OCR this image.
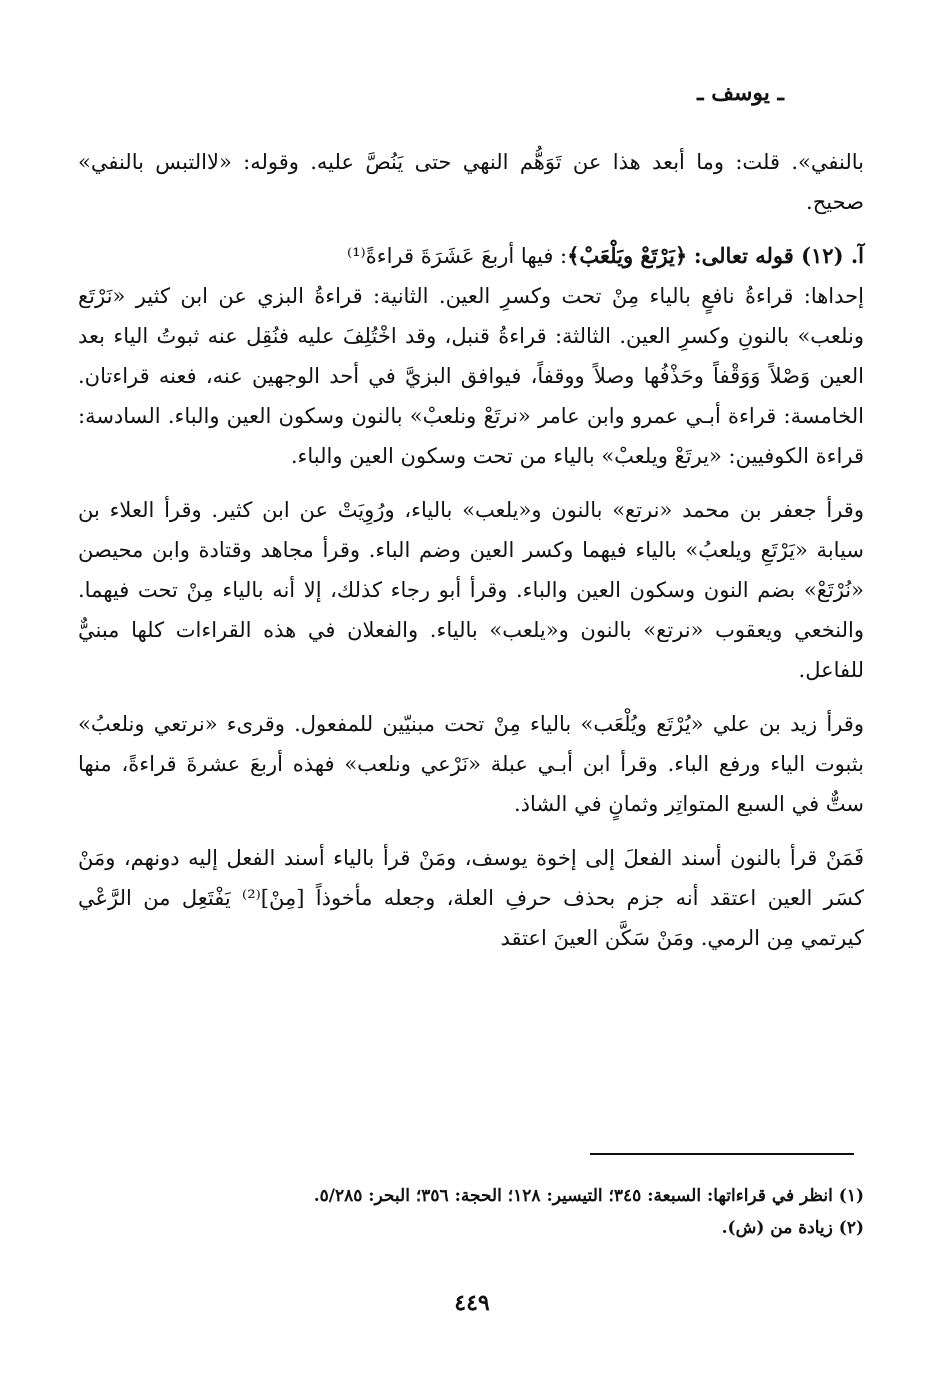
ـ يوسف ـ

بالنفي». قلت: وما أبعد هذا عن تَوَهُّم النهي حتى يَنُصَّ عليه. وقوله: «لاالتبس بالنفي» صحيح.

آ. (١٢) قوله تعالى: ﴿يَرْتَعْ ويَلْعَبْ﴾: فيها أربعَ عَشَرَةَ قراءةً⁽¹⁾

إحداها: قراءةُ نافعٍ بالياء مِنْ تحت وكسرِ العين. الثانية: قراءةُ البزي عن ابن كثير «نَرْتَع ونلعب» بالنونِ وكسرِ العين. الثالثة: قراءةُ قنبل، وقد اخْتُلِفَ عليه فنُقِل عنه ثبوتُ الياء بعد العين وَصْلاً وَوَقْفاً وحَذْفُها وصلاً ووقفاً، فيوافق البزيَّ في أحد الوجهين عنه، فعنه قراءتان. الخامسة: قراءة أبـي عمرو وابن عامر «نرتَعْ ونلعبْ» بالنون وسكون العين والباء. السادسة: قراءة الكوفيين: «يرتَعْ ويلعبْ» بالياء من تحت وسكون العين والباء.

وقرأ جعفر بن محمد «نرتع» بالنون و«يلعب» بالياء، ورُوِيَتْ عن ابن كثير. وقرأ العلاء بن سيابة «يَرْتَعِ ويلعبُ» بالياء فيهما وكسر العين وضم الباء. وقرأ مجاهد وقتادة وابن محيصن «نُرْتَعْ» بضم النون وسكون العين والباء. وقرأ أبو رجاء كذلك، إلا أنه بالياء مِنْ تحت فيهما. والنخعي ويعقوب «نرتع» بالنون و«يلعب» بالياء. والفعلان في هذه القراءات كلها مبنيٌّ للفاعل.

وقرأ زيد بن علي «يُرْتَع ويُلْعَب» بالياء مِنْ تحت مبنيّين للمفعول. وقرىء «نرتعي ونلعبُ» بثبوت الياء ورفع الباء. وقرأ ابن أبـي عبلة «نَرْعي ونلعب» فهذه أربعَ عشرةَ قراءةً، منها ستٌّ في السبع المتواتِر وثمانٍ في الشاذ.

فَمَنْ قرأ بالنون أسند الفعلَ إلى إخوة يوسف، ومَنْ قرأ بالياء أسند الفعل إليه دونهم، ومَنْ كسَر العين اعتقد أنه جزم بحذف حرفِ العلة، وجعله مأخوذاً [مِنْ]⁽²⁾ يَفْتَعِل من الرَّعْي كيرتمي مِن الرمي. ومَنْ سَكَّن العينَ اعتقد

(١) انظر في قراءاتها: السبعة: ٣٤٥؛ التيسير: ١٢٨؛ الحجة: ٣٥٦؛ البحر: ٥/٢٨٥.

(٢) زيادة من (ش).

٤٤٩
